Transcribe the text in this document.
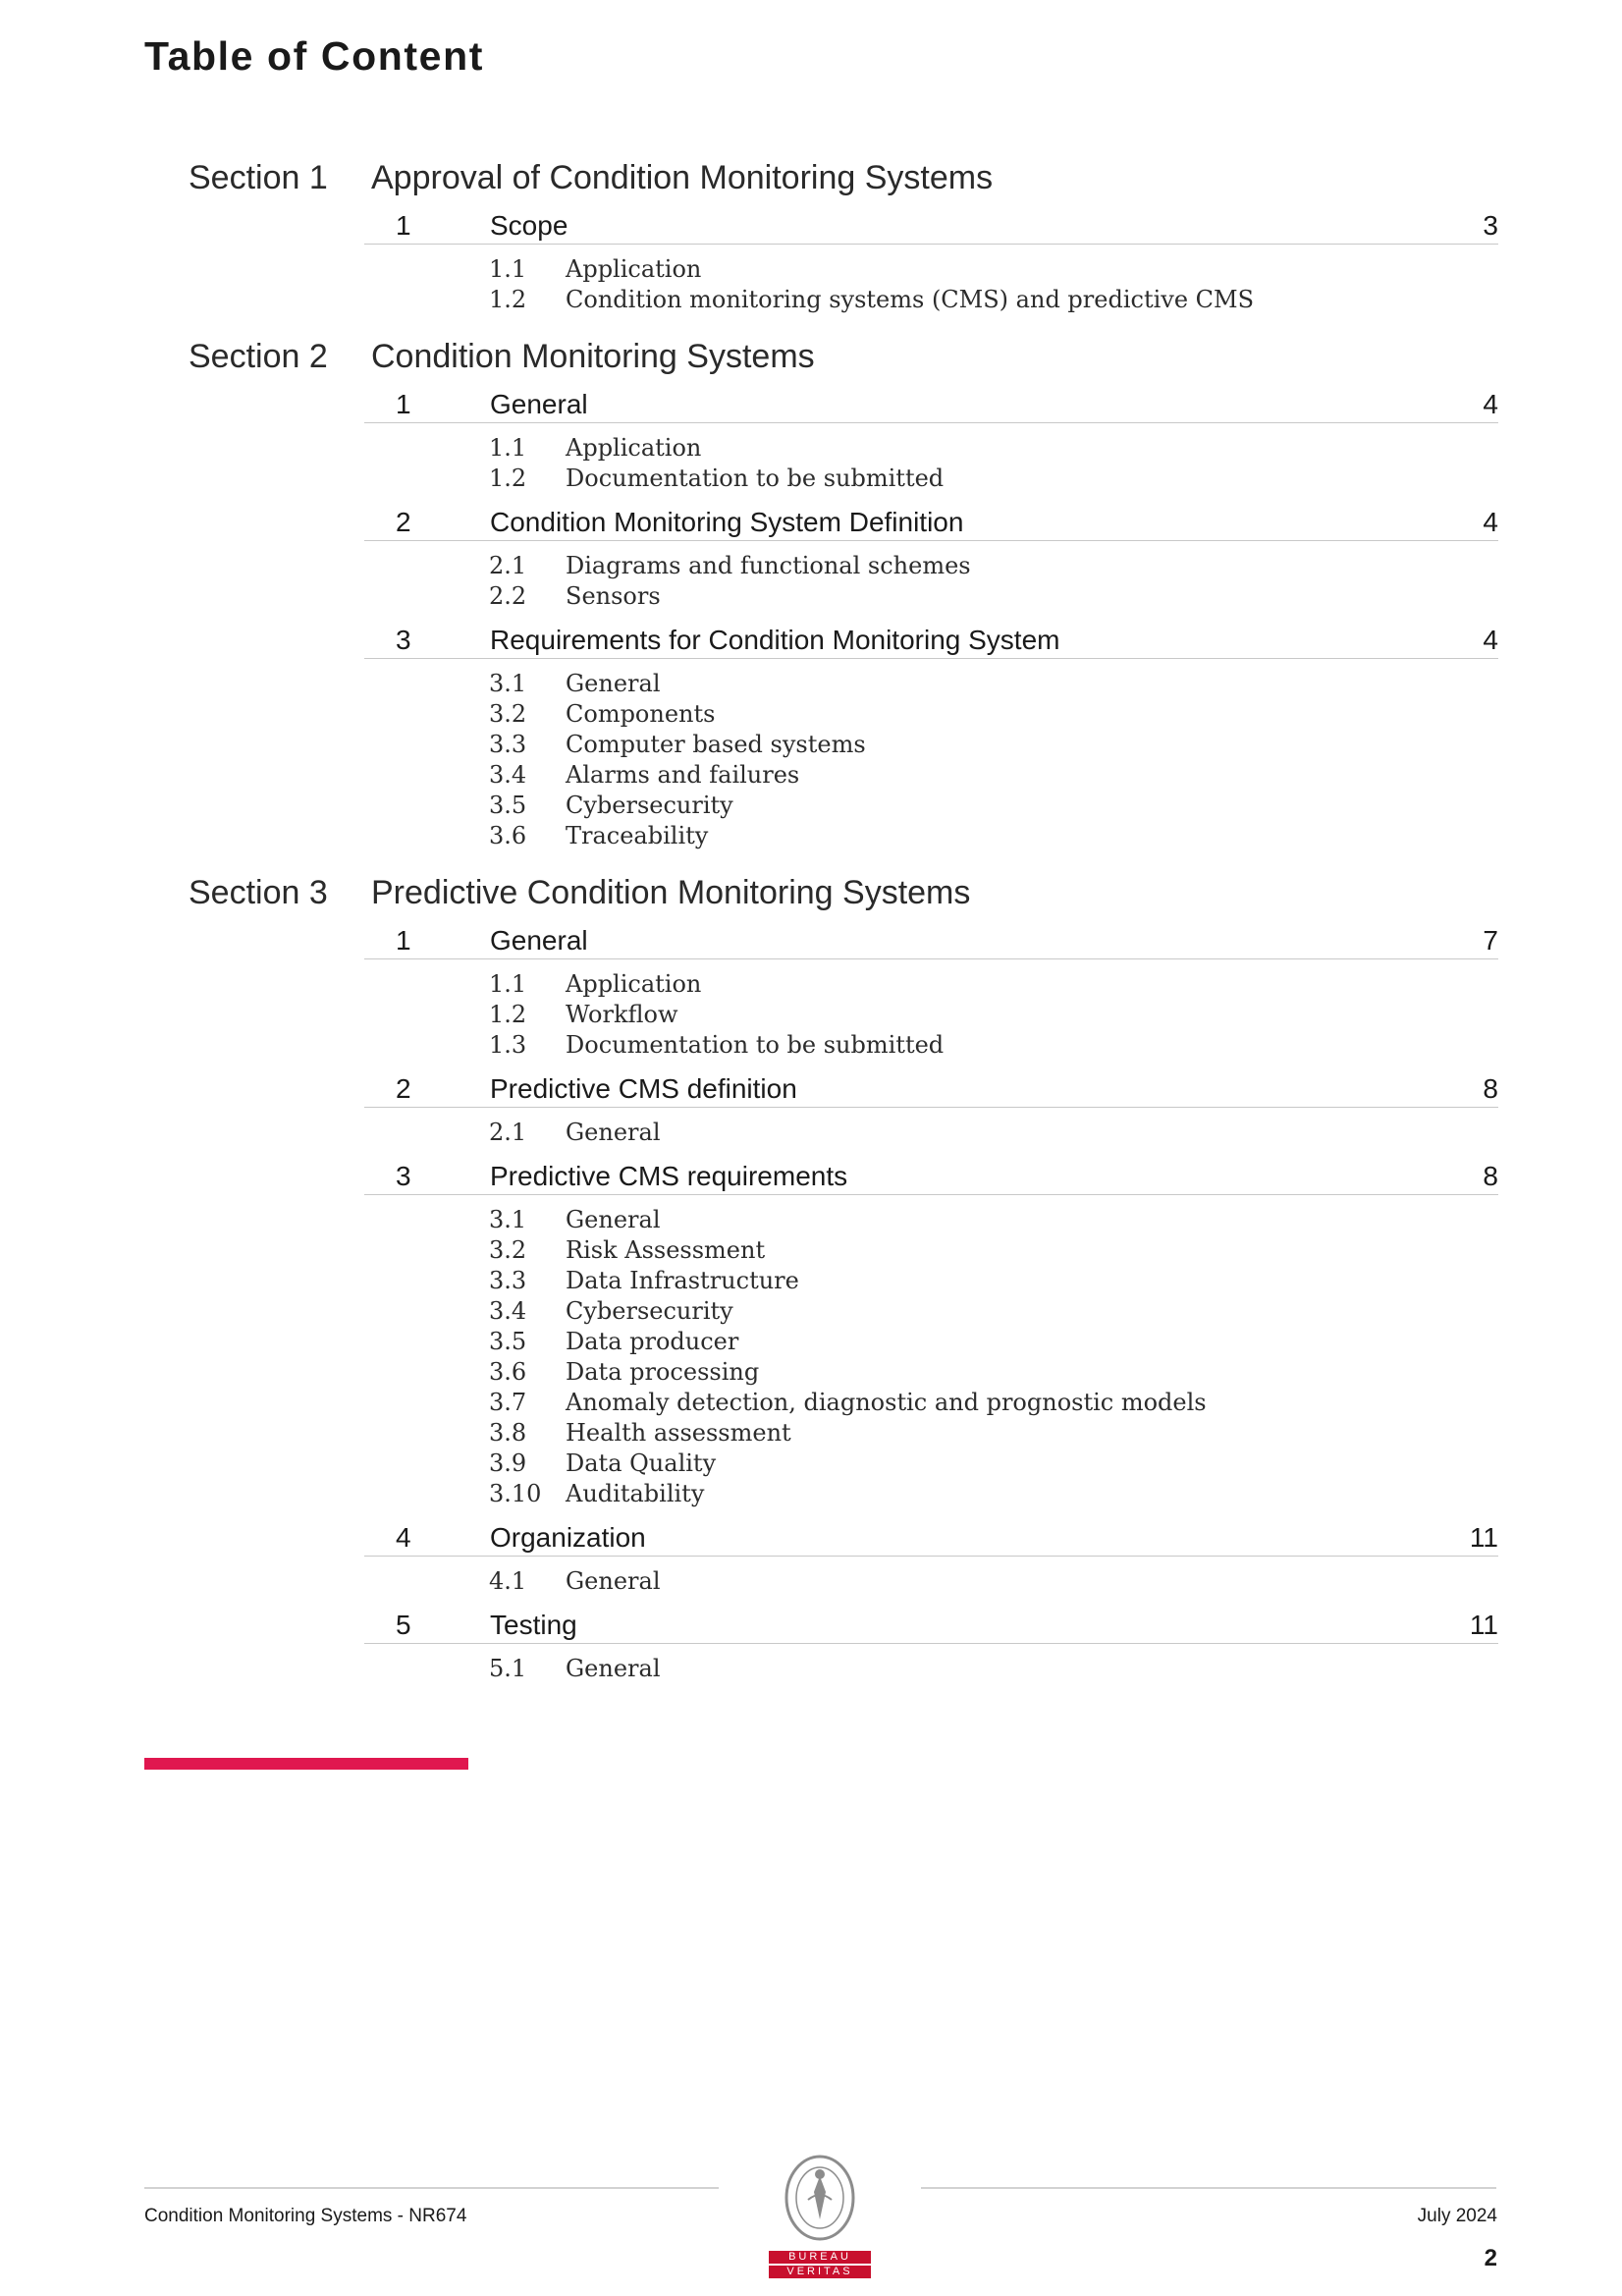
Table of Content
Section 1 Approval of Condition Monitoring Systems
1	Scope	3
1.1 Application
1.2 Condition monitoring systems (CMS) and predictive CMS
Section 2 Condition Monitoring Systems
1	General	4
1.1 Application
1.2 Documentation to be submitted
2	Condition Monitoring System Definition	4
2.1 Diagrams and functional schemes
2.2 Sensors
3	Requirements for Condition Monitoring System	4
3.1 General
3.2 Components
3.3 Computer based systems
3.4 Alarms and failures
3.5 Cybersecurity
3.6 Traceability
Section 3 Predictive Condition Monitoring Systems
1	General	7
1.1 Application
1.2 Workflow
1.3 Documentation to be submitted
2	Predictive CMS definition	8
2.1 General
3	Predictive CMS requirements	8
3.1 General
3.2 Risk Assessment
3.3 Data Infrastructure
3.4 Cybersecurity
3.5 Data producer
3.6 Data processing
3.7 Anomaly detection, diagnostic and prognostic models
3.8 Health assessment
3.9 Data Quality
3.10 Auditability
4	Organization	11
4.1 General
5	Testing	11
5.1 General
BUREAU
VERITAS
Condition Monitoring Systems - NR674	July 2024
2
